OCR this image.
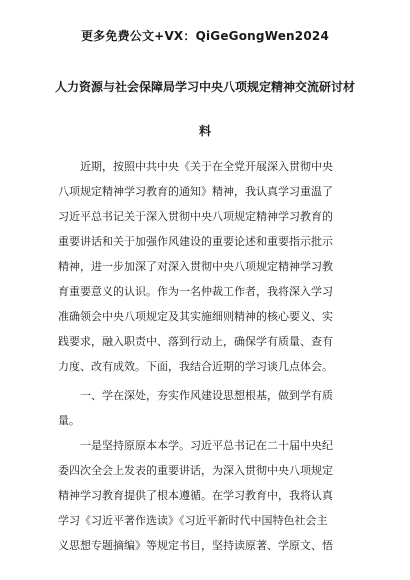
更多免费公文+VX：QiGeGongWen2024
人力资源与社会保障局学习中央八项规定精神交流研讨材
料
近期，按照中共中央《关于在全党开展深入贯彻中央
八项规定精神学习教育的通知》精神，我认真学习重温了
习近平总书记关于深入贯彻中央八项规定精神学习教育的
重要讲话和关于加强作风建设的重要论述和重要指示批示
精神，进一步加深了对深入贯彻中央八项规定精神学习教
育重要意义的认识。作为一名仲裁工作者，我将深入学习
准确领会中央八项规定及其实施细则精神的核心要义、实
践要求，融入职责中、落到行动上，确保学有质量、查有
力度、改有成效。下面，我结合近期的学习谈几点体会。
一、学在深处，夯实作风建设思想根基，做到学有质
量。
一是坚持原原本本学。习近平总书记在二十届中央纪
委四次全会上发表的重要讲话，为深入贯彻中央八项规定
精神学习教育提供了根本遵循。在学习教育中，我将认真
学习《习近平著作选读》《习近平新时代中国特色社会主
义思想专题摘编》等规定书目，坚持读原著、学原文、悟
